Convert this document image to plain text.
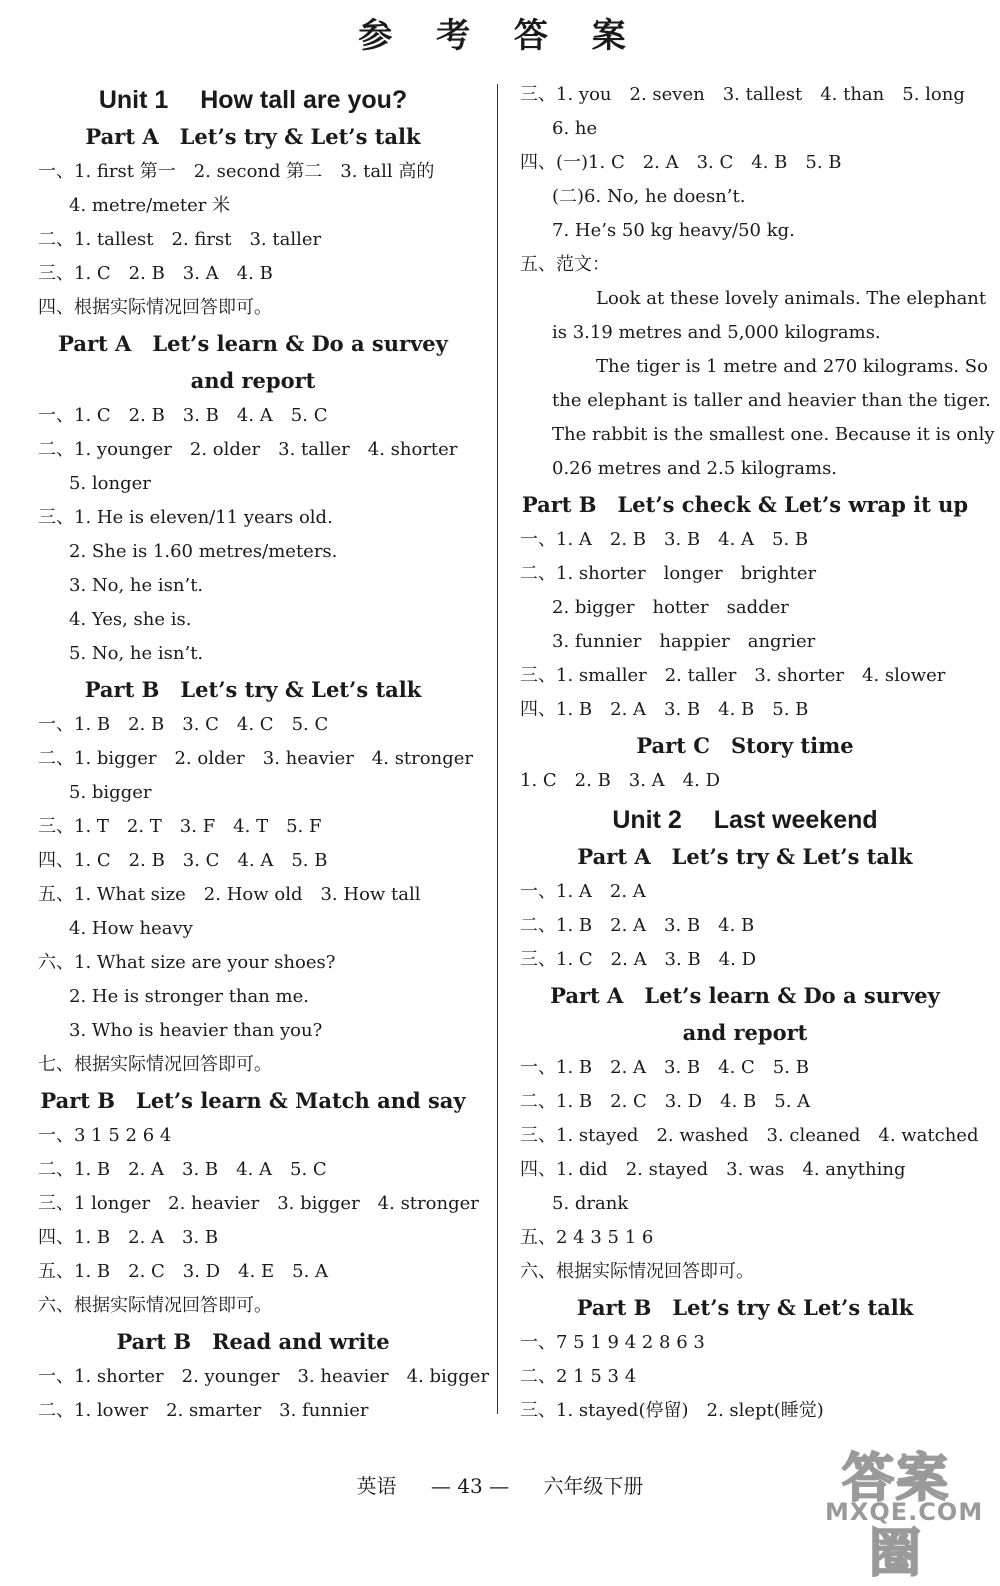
参 考 答 案
Unit 1　 How tall are you?
Part A　Let’s try & Let’s talk
一、1. first 第一　2. second 第二　3. tall 高的
4. metre/meter 米
二、1. tallest　2. first　3. taller
三、1. C　2. B　3. A　4. B
四、根据实际情况回答即可。
Part A　Let’s learn & Do a survey
and report
一、1. C　2. B　3. B　4. A　5. C
二、1. younger　2. older　3. taller　4. shorter
5. longer
三、1. He is eleven/11 years old.
2. She is 1.60 metres/meters.
3. No, he isn’t.
4. Yes, she is.
5. No, he isn’t.
Part B　Let’s try & Let’s talk
一、1. B　2. B　3. C　4. C　5. C
二、1. bigger　2. older　3. heavier　4. stronger
5. bigger
三、1. T　2. T　3. F　4. T　5. F
四、1. C　2. B　3. C　4. A　5. B
五、1. What size　2. How old　3. How tall
4. How heavy
六、1. What size are your shoes?
2. He is stronger than me.
3. Who is heavier than you?
七、根据实际情况回答即可。
Part B　Let’s learn & Match and say
一、3 1 5 2 6 4
二、1. B　2. A　3. B　4. A　5. C
三、1 longer　2. heavier　3. bigger　4. stronger
四、1. B　2. A　3. B
五、1. B　2. C　3. D　4. E　5. A
六、根据实际情况回答即可。
Part B　Read and write
一、1. shorter　2. younger　3. heavier　4. bigger
二、1. lower　2. smarter　3. funnier
三、1. you　2. seven　3. tallest　4. than　5. long
6. he
四、(一)1. C　2. A　3. C　4. B　5. B
(二)6. No, he doesn’t.
7. He’s 50 kg heavy/50 kg.
五、范文：
Look at these lovely animals. The elephant
is 3.19 metres and 5,000 kilograms.
The tiger is 1 metre and 270 kilograms. So
the elephant is taller and heavier than the tiger.
The rabbit is the smallest one. Because it is only
0.26 metres and 2.5 kilograms.
Part B　Let’s check & Let’s wrap it up
一、1. A　2. B　3. B　4. A　5. B
二、1. shorter　longer　brighter
2. bigger　hotter　sadder
3. funnier　happier　angrier
三、1. smaller　2. taller　3. shorter　4. slower
四、1. B　2. A　3. B　4. B　5. B
Part C　Story time
1. C　2. B　3. A　4. D
Unit 2　 Last weekend
Part A　Let’s try & Let’s talk
一、1. A　2. A
二、1. B　2. A　3. B　4. B
三、1. C　2. A　3. B　4. D
Part A　Let’s learn & Do a survey
and report
一、1. B　2. A　3. B　4. C　5. B
二、1. B　2. C　3. D　4. B　5. A
三、1. stayed　2. washed　3. cleaned　4. watched
四、1. did　2. stayed　3. was　4. anything
5. drank
五、2 4 3 5 1 6
六、根据实际情况回答即可。
Part B　Let’s try & Let’s talk
一、7 5 1 9 4 2 8 6 3
二、2 1 5 3 4
三、1. stayed(停留)　2. slept(睡觉)
英语 — 43 — 六年级下册	答案圈
MXQE.COM
